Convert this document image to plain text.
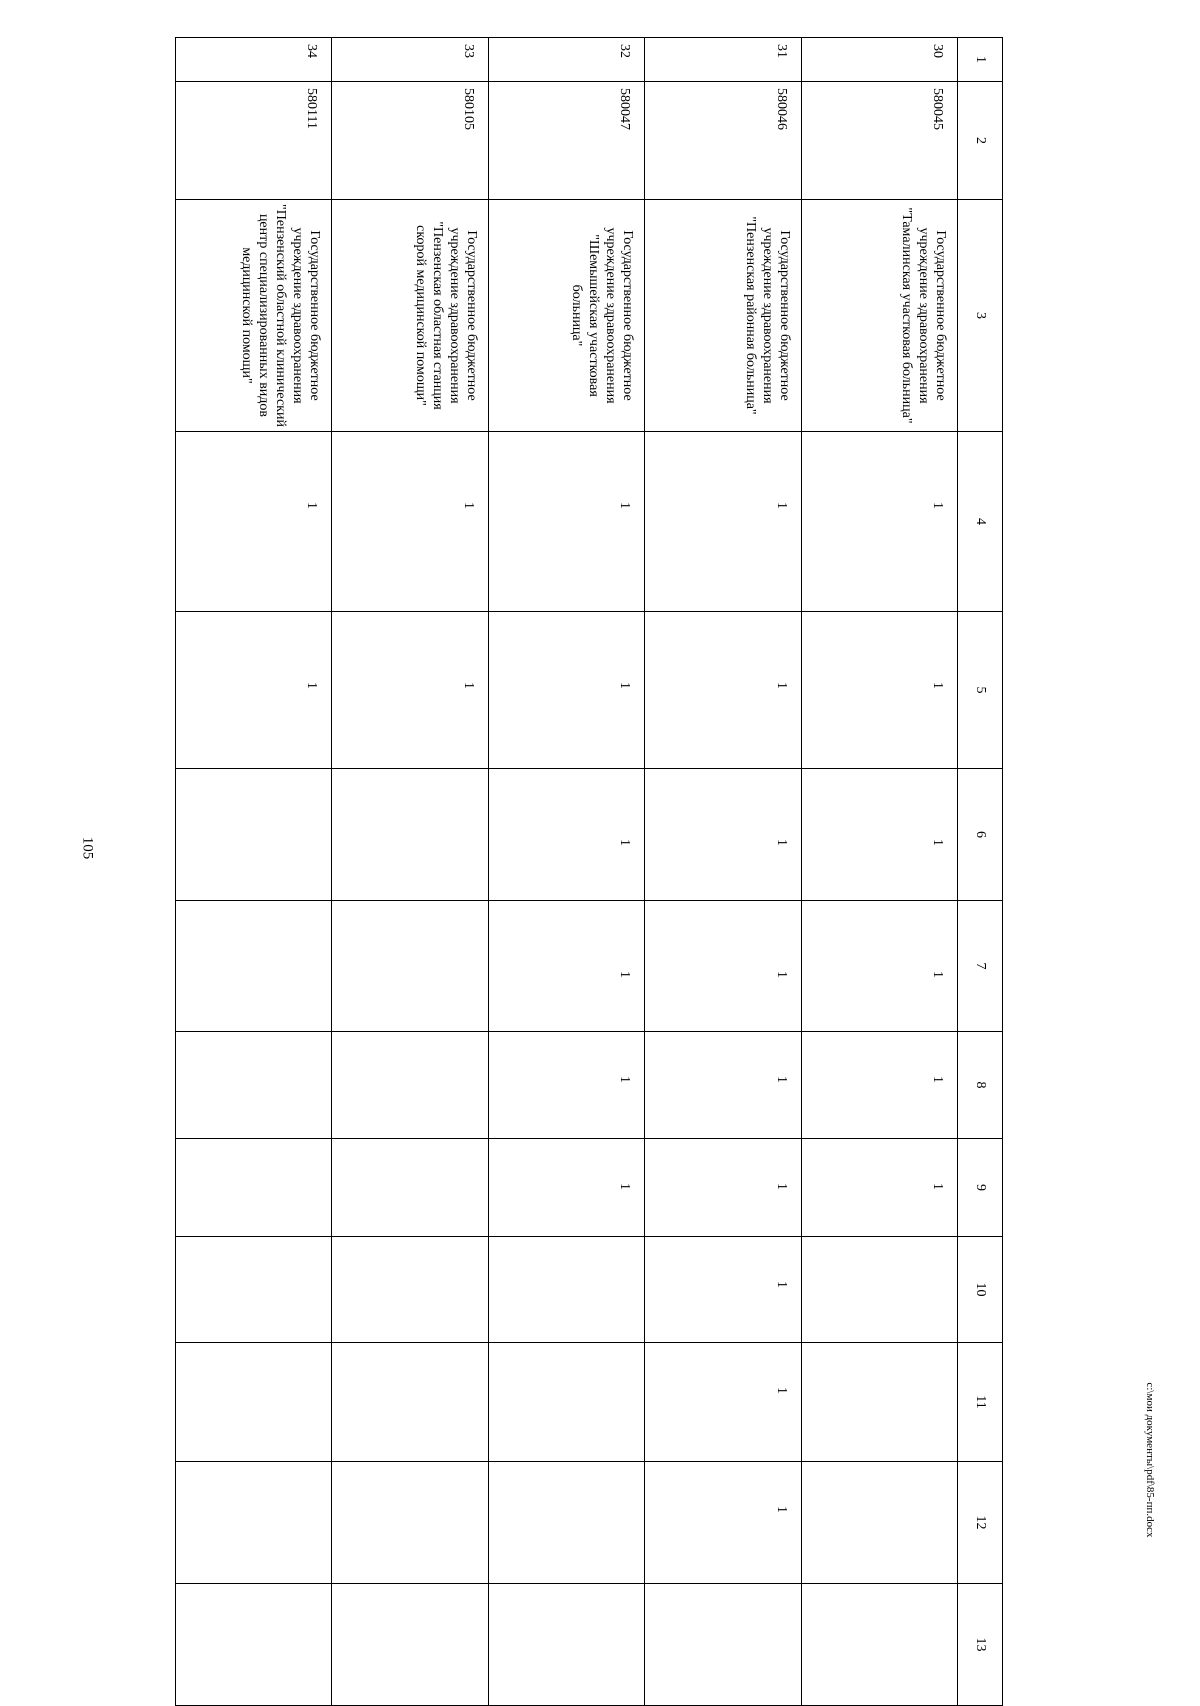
105
1	2	3	4	5	6	7	8	9	10	11	12	13
30	580045	Государственное бюджетное учреждение здравоохранения "Тамалинская участковая больница"	1	1	1	1	1	1				
31	580046	Государственное бюджетное учреждение здравоохранения "Пензенская районная больница"	1	1	1	1	1	1	1	1	1	
32	580047	Государственное бюджетное учреждение здравоохранения "Шемышейская участковая больница"	1	1	1	1	1	1				
33	580105	Государственное бюджетное учреждение здравоохранения "Пензенская областная станция скорой медицинской помощи"	1	1								
34	580111	Государственное бюджетное учреждение здравоохранения "Пензенский областной клинический центр специализированных видов медицинской помощи"	1	1								
c:\мои документы\pdf\85-пп.docx
